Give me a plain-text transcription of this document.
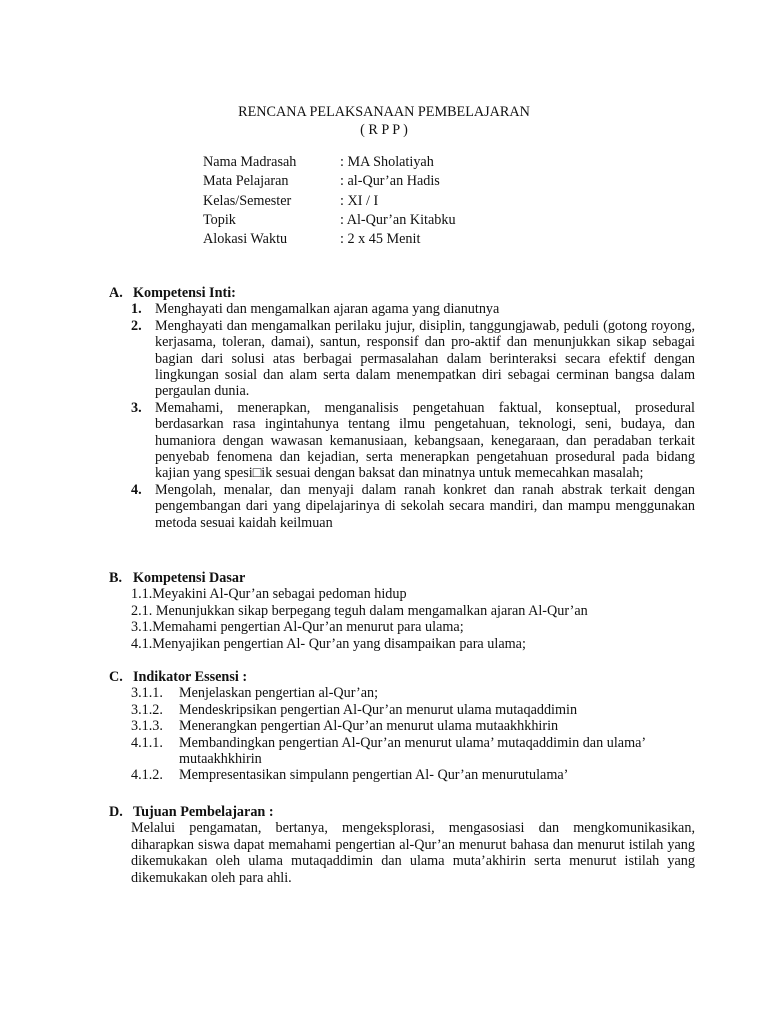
RENCANA PELAKSANAAN PEMBELAJARAN
( R P P )
Nama Madrasah	: MA Sholatiyah
Mata Pelajaran	: al-Qur’an Hadis
Kelas/Semester	: XI / I
Topik	: Al-Qur’an Kitabku
Alokasi Waktu	: 2 x 45 Menit
A. Kompetensi Inti:
1. Menghayati dan mengamalkan ajaran agama yang dianutnya
2. Menghayati dan mengamalkan perilaku jujur, disiplin, tanggungjawab, peduli (gotong royong, kerjasama, toleran, damai), santun, responsif dan pro-aktif dan menunjukkan sikap sebagai bagian dari solusi atas berbagai permasalahan dalam berinteraksi secara efektif dengan lingkungan sosial dan alam serta dalam menempatkan diri sebagai cerminan bangsa dalam pergaulan dunia.
3. Memahami, menerapkan, menganalisis pengetahuan faktual, konseptual, prosedural berdasarkan rasa ingintahunya tentang ilmu pengetahuan, teknologi, seni, budaya, dan humaniora dengan wawasan kemanusiaan, kebangsaan, kenegaraan, dan peradaban terkait penyebab fenomena dan kejadian, serta menerapkan pengetahuan prosedural pada bidang kajian yang spesi□ik sesuai dengan baksat dan minatnya untuk memecahkan masalah;
4. Mengolah, menalar, dan menyaji dalam ranah konkret dan ranah abstrak terkait dengan pengembangan dari yang dipelajarinya di sekolah secara mandiri, dan mampu menggunakan metoda sesuai kaidah keilmuan
B. Kompetensi Dasar
1.1.Meyakini Al-Qur’an sebagai pedoman hidup
2.1. Menunjukkan sikap berpegang teguh dalam mengamalkan ajaran Al-Qur’an
3.1.Memahami pengertian Al-Qur’an menurut para ulama;
4.1.Menyajikan pengertian Al- Qur’an yang disampaikan para ulama;
C. Indikator Essensi :
3.1.1.	Menjelaskan pengertian al-Qur’an;
3.1.2.	Mendeskripsikan pengertian Al-Qur’an menurut ulama mutaqaddimin
3.1.3.	Menerangkan pengertian Al-Qur’an menurut ulama mutaakhkhirin
4.1.1.	Membandingkan pengertian Al-Qur’an menurut ulama’ mutaqaddimin dan ulama’ mutaakhkhirin
4.1.2.	Mempresentasikan simpulann pengertian Al- Qur’an menurutulama’
D. Tujuan Pembelajaran :
Melalui pengamatan, bertanya, mengeksplorasi, mengasosiasi dan mengkomunikasikan, diharapkan siswa dapat memahami pengertian al-Qur’an menurut bahasa dan menurut istilah yang dikemukakan oleh ulama mutaqaddimin dan ulama muta’akhirin serta menurut istilah yang dikemukakan oleh para ahli.
